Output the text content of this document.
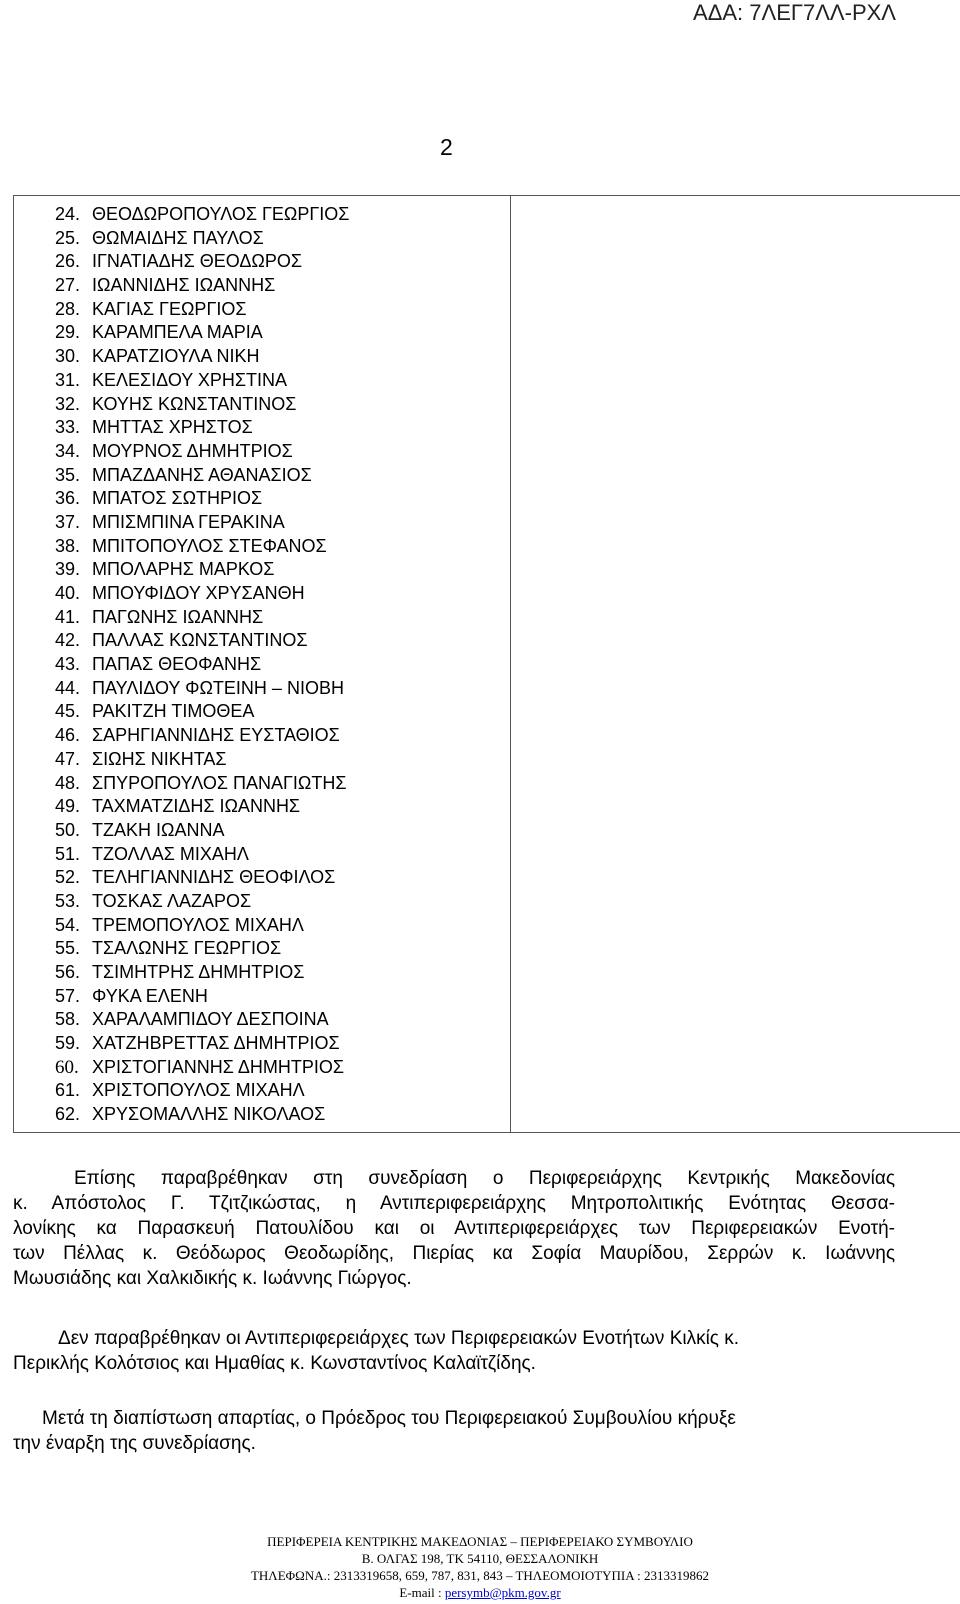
ΑΔΑ: 7ΛΕΓ7ΛΛ-ΡΧΛ
2
24. ΘΕΟΔΩΡΟΠΟΥΛΟΣ ΓΕΩΡΓΙΟΣ
25. ΘΩΜΑΙΔΗΣ ΠΑΥΛΟΣ
26. ΙΓΝΑΤΙΑΔΗΣ ΘΕΟΔΩΡΟΣ
27. ΙΩΑΝΝΙΔΗΣ ΙΩΑΝΝΗΣ
28. ΚΑΓΙΑΣ ΓΕΩΡΓΙΟΣ
29. ΚΑΡΑΜΠΕΛΑ ΜΑΡΙΑ
30. ΚΑΡΑΤΖΙΟΥΛΑ ΝΙΚΗ
31. ΚΕΛΕΣΙΔΟΥ ΧΡΗΣΤΙΝΑ
32. ΚΟΥΗΣ ΚΩΝΣΤΑΝΤΙΝΟΣ
33. ΜΗΤΤΑΣ ΧΡΗΣΤΟΣ
34. ΜΟΥΡΝΟΣ ΔΗΜΗΤΡΙΟΣ
35. ΜΠΑΖΔΑΝΗΣ ΑΘΑΝΑΣΙΟΣ
36. ΜΠΑΤΟΣ ΣΩΤΗΡΙΟΣ
37. ΜΠΙΣΜΠΙΝΑ ΓΕΡΑΚΙΝΑ
38. ΜΠΙΤΟΠΟΥΛΟΣ ΣΤΕΦΑΝΟΣ
39. ΜΠΟΛΑΡΗΣ ΜΑΡΚΟΣ
40. ΜΠΟΥΦΙΔΟΥ ΧΡΥΣΑΝΘΗ
41. ΠΑΓΩΝΗΣ ΙΩΑΝΝΗΣ
42. ΠΑΛΛΑΣ ΚΩΝΣΤΑΝΤΙΝΟΣ
43. ΠΑΠΑΣ ΘΕΟΦΑΝΗΣ
44. ΠΑΥΛΙΔΟΥ ΦΩΤΕΙΝΗ – ΝΙΟΒΗ
45. ΡΑΚΙΤΖΗ ΤΙΜΟΘΕΑ
46. ΣΑΡΗΓΙΑΝΝΙΔΗΣ ΕΥΣΤΑΘΙΟΣ
47. ΣΙΩΗΣ ΝΙΚΗΤΑΣ
48. ΣΠΥΡΟΠΟΥΛΟΣ ΠΑΝΑΓΙΩΤΗΣ
49. ΤΑΧΜΑΤΖΙΔΗΣ ΙΩΑΝΝΗΣ
50. ΤΖΑΚΗ ΙΩΑΝΝΑ
51. ΤΖΟΛΛΑΣ ΜΙΧΑΗΛ
52. ΤΕΛΗΓΙΑΝΝΙΔΗΣ ΘΕΟΦΙΛΟΣ
53. ΤΟΣΚΑΣ ΛΑΖΑΡΟΣ
54. ΤΡΕΜΟΠΟΥΛΟΣ ΜΙΧΑΗΛ
55. ΤΣΑΛΩΝΗΣ ΓΕΩΡΓΙΟΣ
56. ΤΣΙΜΗΤΡΗΣ ΔΗΜΗΤΡΙΟΣ
57. ΦΥΚΑ ΕΛΕΝΗ
58. ΧΑΡΑΛΑΜΠΙΔΟΥ ΔΕΣΠΟΙΝΑ
59. ΧΑΤΖΗΒΡΕΤΤΑΣ ΔΗΜΗΤΡΙΟΣ
60. ΧΡΙΣΤΟΓΙΑΝΝΗΣ ΔΗΜΗΤΡΙΟΣ
61. ΧΡΙΣΤΟΠΟΥΛΟΣ ΜΙΧΑΗΛ
62. ΧΡΥΣΟΜΑΛΛΗΣ ΝΙΚΟΛΑΟΣ
Επίσης παραβρέθηκαν στη συνεδρίαση ο Περιφερειάρχης Κεντρικής Μακεδονίας
κ. Απόστολος Γ. Τζιτζικώστας, η Αντιπεριφερειάρχης Μητροπολιτικής Ενότητας Θεσσα-
λονίκης κα Παρασκευή Πατουλίδου και οι Αντιπεριφερειάρχες των Περιφερειακών Ενοτή-
των Πέλλας κ. Θεόδωρος Θεοδωρίδης, Πιερίας κα Σοφία Μαυρίδου, Σερρών κ. Ιωάννης
Μωυσιάδης και Χαλκιδικής κ. Ιωάννης Γιώργος.
Δεν παραβρέθηκαν οι Αντιπεριφερειάρχες των Περιφερειακών Ενοτήτων Κιλκίς κ.
Περικλής Κολότσιος και Ημαθίας κ. Κωνσταντίνος Καλαϊτζίδης.
Μετά τη διαπίστωση απαρτίας, ο Πρόεδρος του Περιφερειακού Συμβουλίου κήρυξε
την έναρξη της συνεδρίασης.
ΠΕΡΙΦΕΡΕΙΑ ΚΕΝΤΡΙΚΗΣ ΜΑΚΕΔΟΝΙΑΣ – ΠΕΡΙΦΕΡΕΙΑΚΟ ΣΥΜΒΟΥΛΙΟ
Β. ΟΛΓΑΣ 198, ΤΚ 54110, ΘΕΣΣΑΛΟΝΙΚΗ
ΤΗΛΕΦΩΝΑ.: 2313319658, 659, 787, 831, 843 – ΤΗΛΕΟΜΟΙΟΤΥΠΙΑ : 2313319862
E-mail : persymb@pkm.gov.gr
